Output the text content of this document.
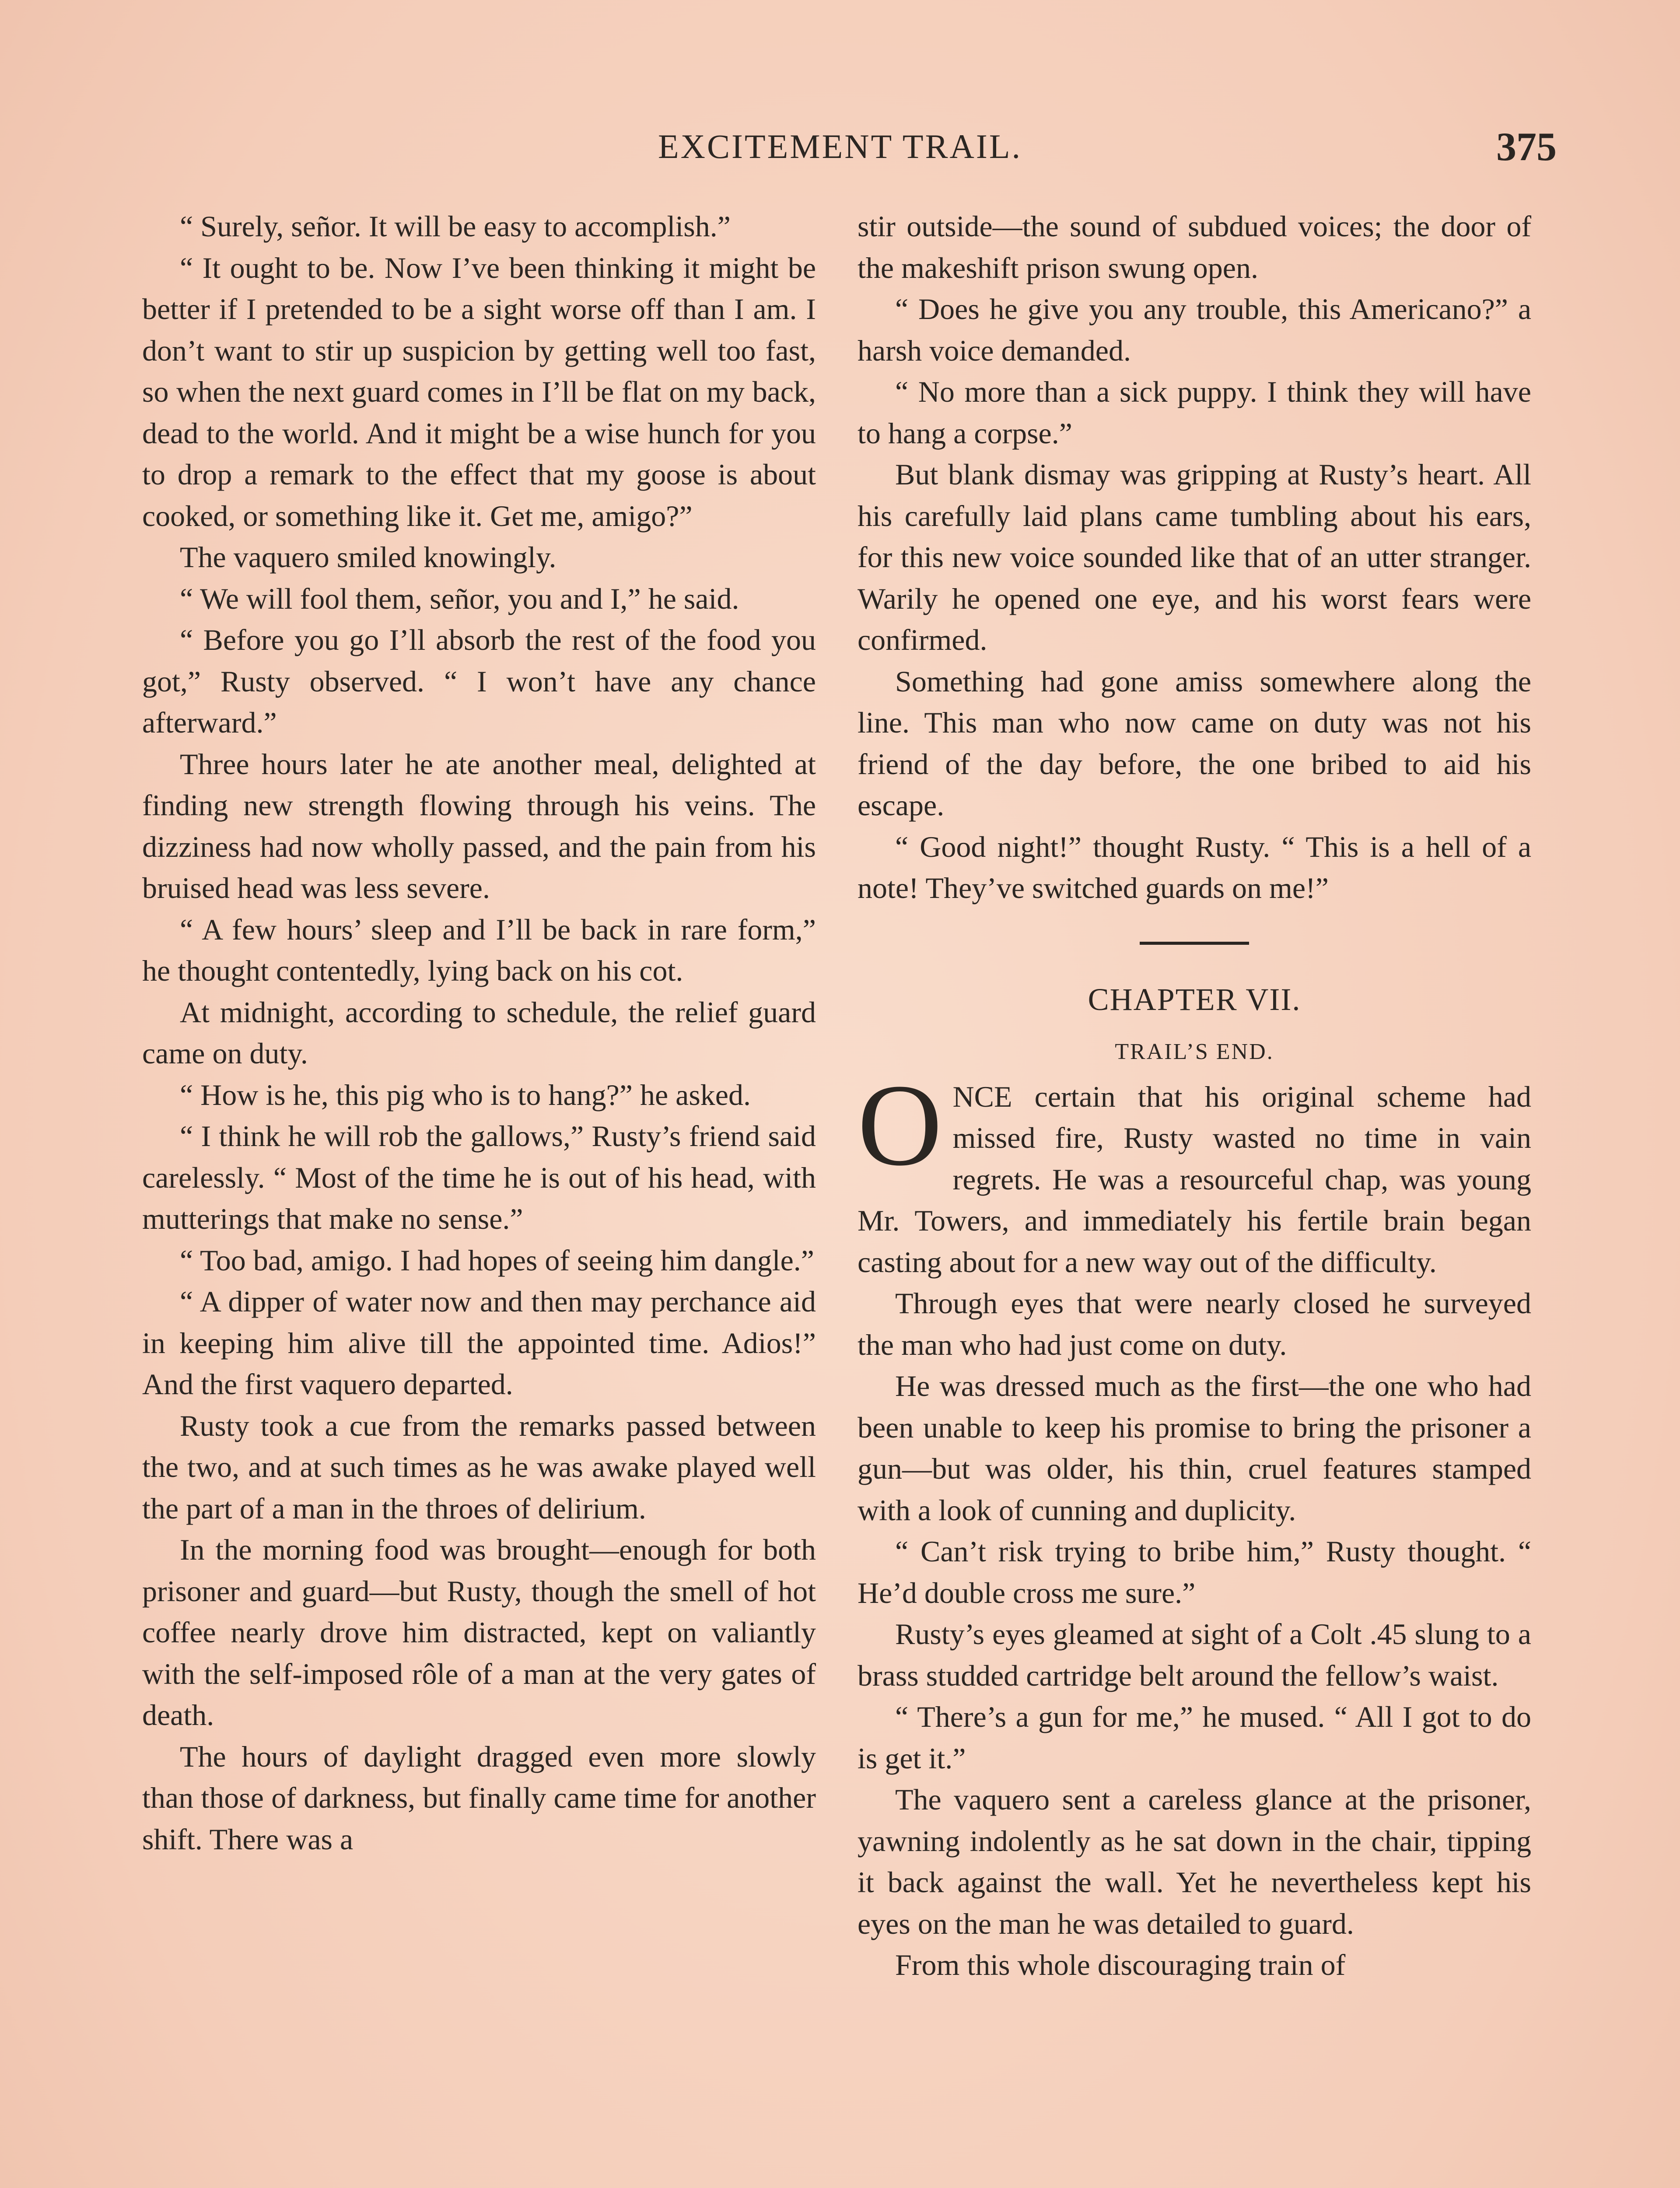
EXCITEMENT TRAIL.	375

“ Surely, señor. It will be easy to accomplish.”

“ It ought to be. Now I’ve been thinking it might be better if I pretended to be a sight worse off than I am. I don’t want to stir up suspicion by getting well too fast, so when the next guard comes in I’ll be flat on my back, dead to the world. And it might be a wise hunch for you to drop a remark to the effect that my goose is about cooked, or something like it. Get me, amigo?”

The vaquero smiled knowingly.

“ We will fool them, señor, you and I,” he said.

“ Before you go I’ll absorb the rest of the food you got,” Rusty observed. “ I won’t have any chance afterward.”

Three hours later he ate another meal, delighted at finding new strength flowing through his veins. The dizziness had now wholly passed, and the pain from his bruised head was less severe.

“ A few hours’ sleep and I’ll be back in rare form,” he thought contentedly, lying back on his cot.

At midnight, according to schedule, the relief guard came on duty.

“ How is he, this pig who is to hang?” he asked.

“ I think he will rob the gallows,” Rusty’s friend said carelessly. “ Most of the time he is out of his head, with mutterings that make no sense.”

“ Too bad, amigo. I had hopes of seeing him dangle.”

“ A dipper of water now and then may perchance aid in keeping him alive till the appointed time. Adios!” And the first vaquero departed.

Rusty took a cue from the remarks passed between the two, and at such times as he was awake played well the part of a man in the throes of delirium.

In the morning food was brought—enough for both prisoner and guard—but Rusty, though the smell of hot coffee nearly drove him distracted, kept on valiantly with the self-imposed rôle of a man at the very gates of death.

The hours of daylight dragged even more slowly than those of darkness, but finally came time for another shift. There was a

stir outside—the sound of subdued voices; the door of the makeshift prison swung open.

“ Does he give you any trouble, this Americano?” a harsh voice demanded.

“ No more than a sick puppy. I think they will have to hang a corpse.”

But blank dismay was gripping at Rusty’s heart. All his carefully laid plans came tumbling about his ears, for this new voice sounded like that of an utter stranger. Warily he opened one eye, and his worst fears were confirmed.

Something had gone amiss somewhere along the line. This man who now came on duty was not his friend of the day before, the one bribed to aid his escape.

“ Good night!” thought Rusty. “ This is a hell of a note! They’ve switched guards on me!”

CHAPTER VII.
TRAIL’S END.

ONCE certain that his original scheme had missed fire, Rusty wasted no time in vain regrets. He was a resourceful chap, was young Mr. Towers, and immediately his fertile brain began casting about for a new way out of the difficulty.

Through eyes that were nearly closed he surveyed the man who had just come on duty.

He was dressed much as the first—the one who had been unable to keep his promise to bring the prisoner a gun—but was older, his thin, cruel features stamped with a look of cunning and duplicity.

“ Can’t risk trying to bribe him,” Rusty thought. “ He’d double cross me sure.”

Rusty’s eyes gleamed at sight of a Colt .45 slung to a brass studded cartridge belt around the fellow’s waist.

“ There’s a gun for me,” he mused. “ All I got to do is get it.”

The vaquero sent a careless glance at the prisoner, yawning indolently as he sat down in the chair, tipping it back against the wall. Yet he nevertheless kept his eyes on the man he was detailed to guard.

From this whole discouraging train of
